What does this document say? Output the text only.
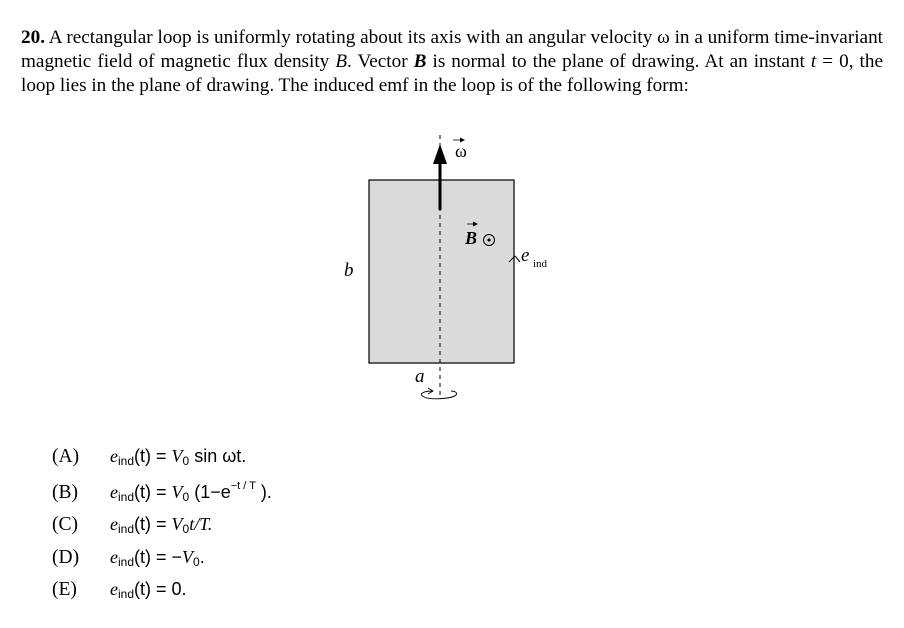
20. A rectangular loop is uniformly rotating about its axis with an angular velocity ω in a uniform time-invariant magnetic field of magnetic flux density B. Vector B is normal to the plane of drawing. At an instant t = 0, the loop lies in the plane of drawing. The induced emf in the loop is of the following form:
ω
B
e ind
b
a
(A) $e_{ind}(t) = V_0$ sin ωt.
(B) $e_{ind}(t) = V_0$ ($1-e^{-t / T}$ ).
(C) $e_{ind}(t) = V_0t/T$.
(D) $e_{ind}(t) = -V_0$.
(E) $e_{ind}(t) = 0$.
